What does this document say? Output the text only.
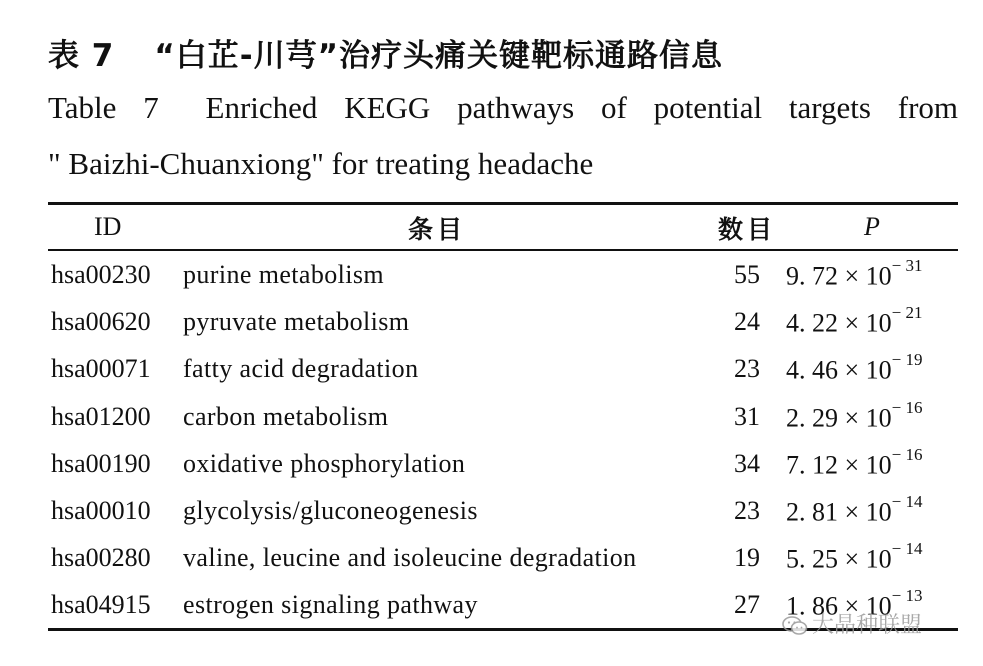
表 7 “白芷-川芎”治疗头痛关键靶标通路信息
Table 7 Enriched KEGG pathways of potential targets from
" Baizhi-Chuanxiong" for treating headache
ID	条目	数目	P
hsa00230 purine metabolism	55 9. $72 \times 10^{- 31}$
hsa00620 pyruvate metabolism	24 4. $22 \times 10^{- 21}$
hsa00071 fatty acid degradation	23 4. $46 \times 10^{- 19}$
hsa01200 carbon metabolism	31 2. $29 \times 10^{- 16}$
hsa00190 oxidative phosphorylation	34 7. $12 \times 10^{- 16}$
hsa00010 glycolysis/gluconeogenesis	23 2. $81 \times 10^{- 14}$
hsa00280 valine, leucine and isoleucine degradation	19 5. $25 \times 10^{- 14}$
hsa04915 estrogen signaling pathway	27 1. $86 \times 10^{- 13}$
大晶种联盟
